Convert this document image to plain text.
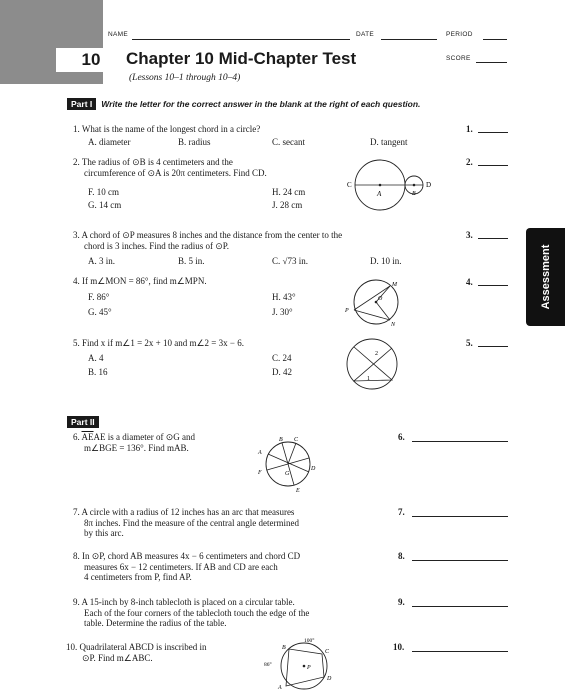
NAME	DATE	PERIOD
SCORE
10	Chapter 10 Mid-Chapter Test
(Lessons 10–1 through 10–4)
Assessment
Part I	Write the letter for the correct answer in the blank at the right of each question.
1. What is the name of the longest chord in a circle?
A. diameter	B. radius	C. secant	D. tangent
1.
2. The radius of ⊙B is 4 centimeters and the
circumference of ⊙A is 20π centimeters. Find CD.
F. 10 cm	H. 24 cm
G. 14 cm	J. 28 cm
2.
C
A	B
D
3. A chord of ⊙P measures 8 inches and the distance from the center to the
chord is 3 inches. Find the radius of ⊙P.
A. 3 in.	B. 5 in.	C. √73 in.	D. 10 in.
3.
4. If m∠MON = 86°, find m∠MPN.
F. 86°	H. 43°
G. 45°	J. 30°
4.
M
O
P
N
5. Find x if m∠1 = 2x + 10 and m∠2 = 3x − 6.
A. 4	C. 24
B. 16	D. 42
5.
2
1
Part II
6. $\overline{AE}AE$ is a diameter of ⊙G and
m∠BGE = 136°. Find mAB.
6.
B C
A
D
F	G
E
7. A circle with a radius of 12 inches has an arc that measures
8π inches. Find the measure of the central angle determined
by this arc.
7.
8. In ⊙P, chord AB measures 4x − 6 centimeters and chord CD
measures 6x − 12 centimeters. If AB and CD are each
4 centimeters from P, find AP.
8.
9. A 15-inch by 8-inch tablecloth is placed on a circular table.
Each of the four corners of the tablecloth touch the edge of the
table. Determine the radius of the table.
9.
10. Quadrilateral ABCD is inscribed in
⊙P. Find m∠ABC.
10.
100°
B
C
86°	P
D
A
